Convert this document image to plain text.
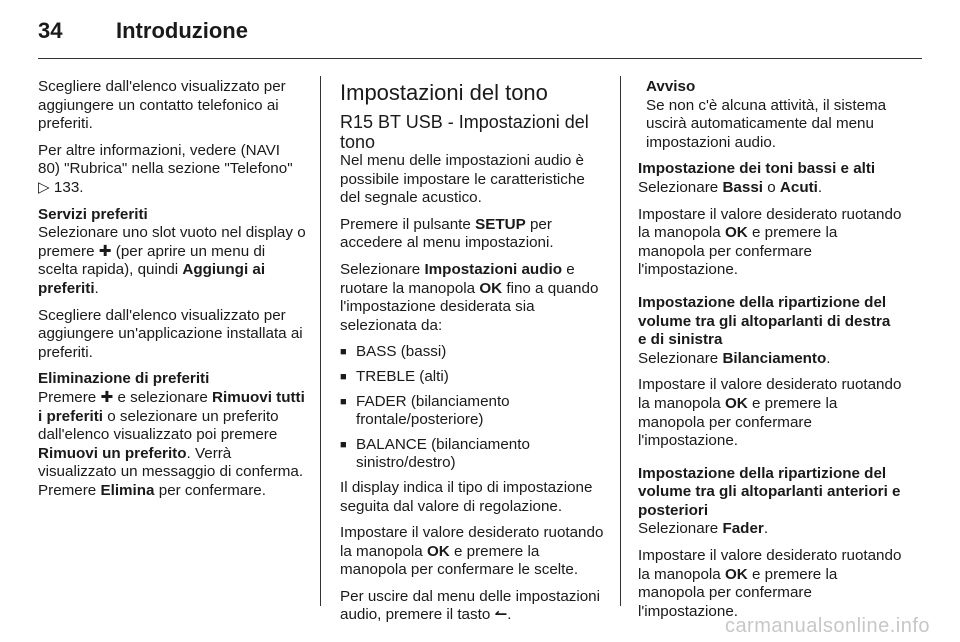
34	Introduzione

Scegliere dall'elenco visualizzato per aggiungere un contatto telefonico ai preferiti.

Per altre informazioni, vedere (NAVI 80) "Rubrica" nella sezione "Telefono" ▷ 133.

Servizi preferiti

Selezionare uno slot vuoto nel display o premere ✚ (per aprire un menu di scelta rapida), quindi Aggiungi ai preferiti.

Scegliere dall'elenco visualizzato per aggiungere un'applicazione installata ai preferiti.

Eliminazione di preferiti

Premere ✚ e selezionare Rimuovi tutti i preferiti o selezionare un preferito dall'elenco visualizzato poi premere Rimuovi un preferito. Verrà visualizzato un messaggio di conferma. Premere Elimina per confermare.

Impostazioni del tono
R15 BT USB - Impostazioni del tono

Nel menu delle impostazioni audio è possibile impostare le caratteristiche del segnale acustico.

Premere il pulsante SETUP per accedere al menu impostazioni.

Selezionare Impostazioni audio e ruotare la manopola OK fino a quando l'impostazione desiderata sia selezionata da:

■ BASS (bassi)
■ TREBLE (alti)
■ FADER (bilanciamento frontale/posteriore)
■ BALANCE (bilanciamento sinistro/destro)

Il display indica il tipo di impostazione seguita dal valore di regolazione.

Impostare il valore desiderato ruotando la manopola OK e premere la manopola per confermare le scelte.

Per uscire dal menu delle impostazioni audio, premere il tasto ↼.

Avviso
Se non c'è alcuna attività, il sistema uscirà automaticamente dal menu impostazioni audio.
Impostazione dei toni bassi e alti

Selezionare Bassi o Acuti.

Impostare il valore desiderato ruotando la manopola OK e premere la manopola per confermare l'impostazione.

Impostazione della ripartizione del volume tra gli altoparlanti di destra e di sinistra

Selezionare Bilanciamento.

Impostare il valore desiderato ruotando la manopola OK e premere la manopola per confermare l'impostazione.

Impostazione della ripartizione del volume tra gli altoparlanti anteriori e posteriori

Selezionare Fader.

Impostare il valore desiderato ruotando la manopola OK e premere la manopola per confermare l'impostazione.

carmanualsonline.info
